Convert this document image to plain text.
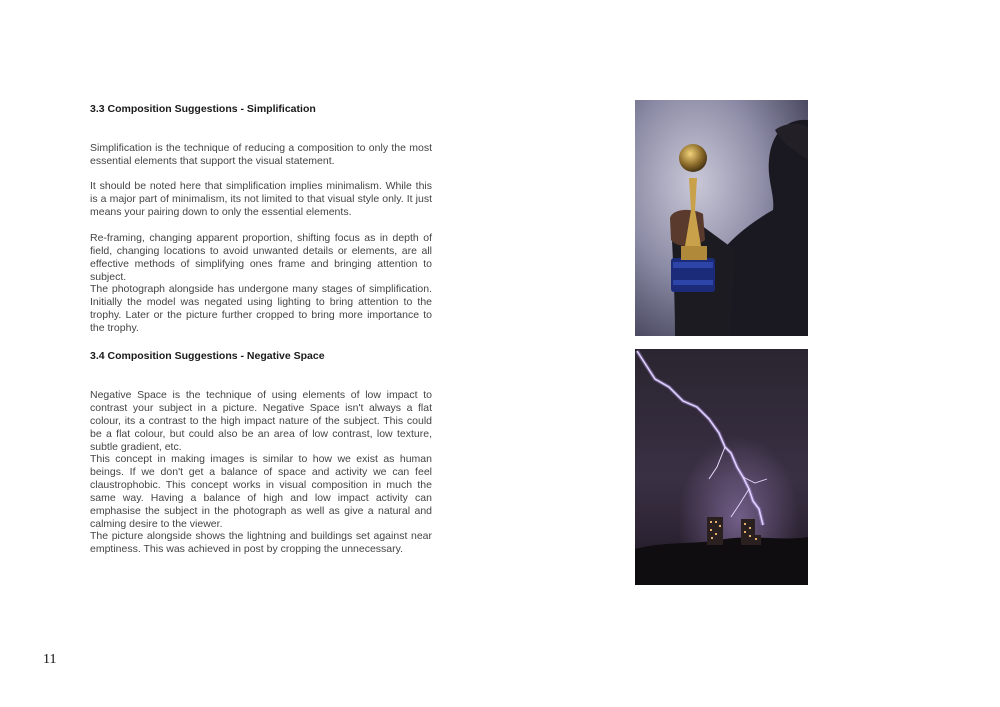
3.3 Composition Suggestions - Simplification

Simplification is the technique of reducing a composition to only the most essential elements that support the visual statement.

It should be noted here that simplification implies minimalism. While this is a major part of minimalism, its not limited to that visual style only. It just means your pairing down to only the essential elements.

Re-framing, changing apparent proportion, shifting focus as in depth of field, changing locations to avoid unwanted details or elements, are all effective methods of simplifying ones frame and bringing attention to subject.

The photograph alongside has undergone many stages of simplification. Initially the model was negated using lighting to bring attention to the trophy. Later or the picture further cropped to bring more importance to the trophy.

3.4 Composition Suggestions - Negative Space

Negative Space is the technique of using elements of low impact to contrast your subject in a picture. Negative Space isn't always a flat colour, its a contrast to the high impact nature of the subject. This could be a flat colour, but could also be an area of low contrast, low texture, subtle gradient, etc.

This concept in making images is similar to how we exist as human beings. If we don't get a balance of space and activity we can feel claustrophobic. This concept works in visual composition in much the same way. Having a balance of high and low impact activity can emphasise the subject in the photograph as well as give a natural and calming desire to the viewer.

The picture alongside shows the lightning and buildings set against near emptiness. This was achieved in post by cropping the unnecessary.

11
